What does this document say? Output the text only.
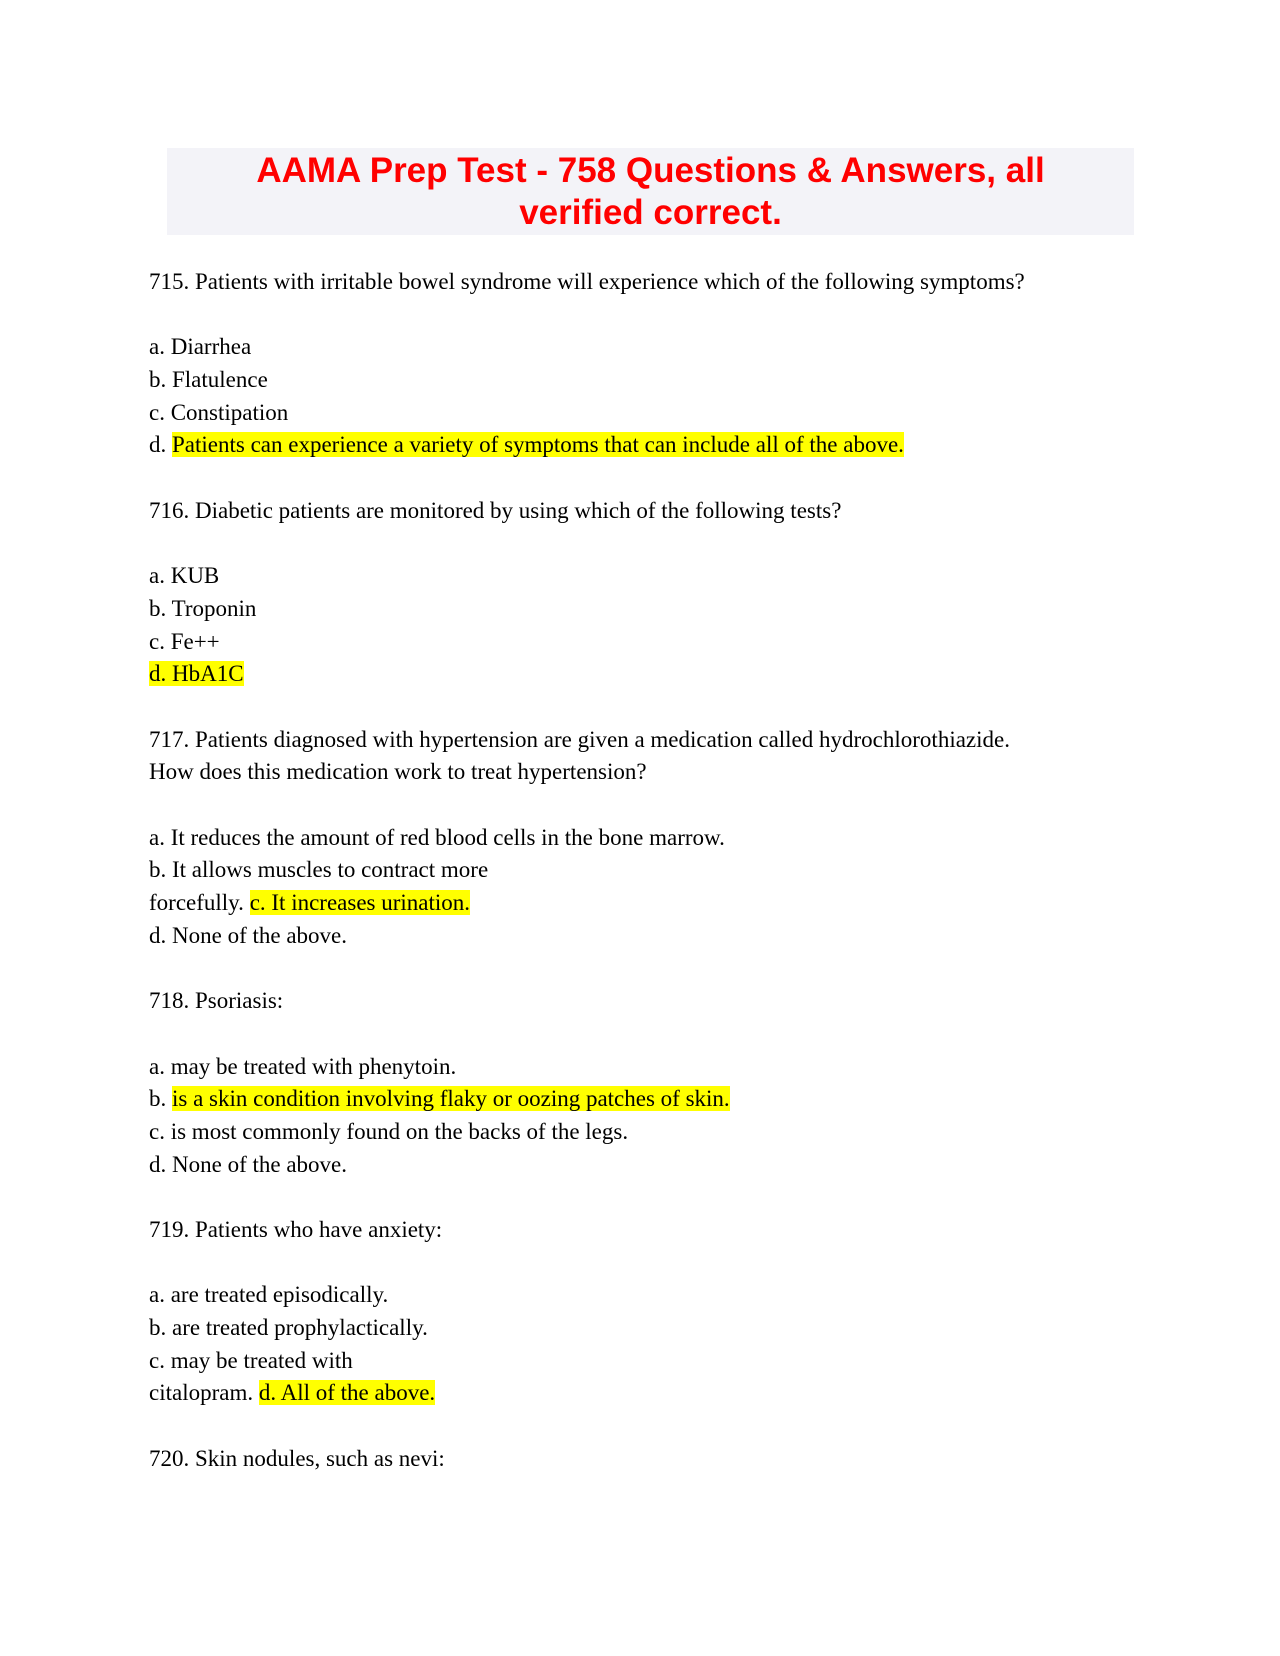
AAMA Prep Test - 758 Questions & Answers, all
verified correct.
715. Patients with irritable bowel syndrome will experience which of the following symptoms?
a. Diarrhea
b. Flatulence
c. Constipation
d. Patients can experience a variety of symptoms that can include all of the above.
716. Diabetic patients are monitored by using which of the following tests?
a. KUB
b. Troponin
c. Fe++
d. HbA1C
717. Patients diagnosed with hypertension are given a medication called hydrochlorothiazide.
How does this medication work to treat hypertension?
a. It reduces the amount of red blood cells in the bone marrow.
b. It allows muscles to contract more
forcefully. c. It increases urination.
d. None of the above.
718. Psoriasis:
a. may be treated with phenytoin.
b. is a skin condition involving flaky or oozing patches of skin.
c. is most commonly found on the backs of the legs.
d. None of the above.
719. Patients who have anxiety:
a. are treated episodically.
b. are treated prophylactically.
c. may be treated with
citalopram. d. All of the above.
720. Skin nodules, such as nevi:
